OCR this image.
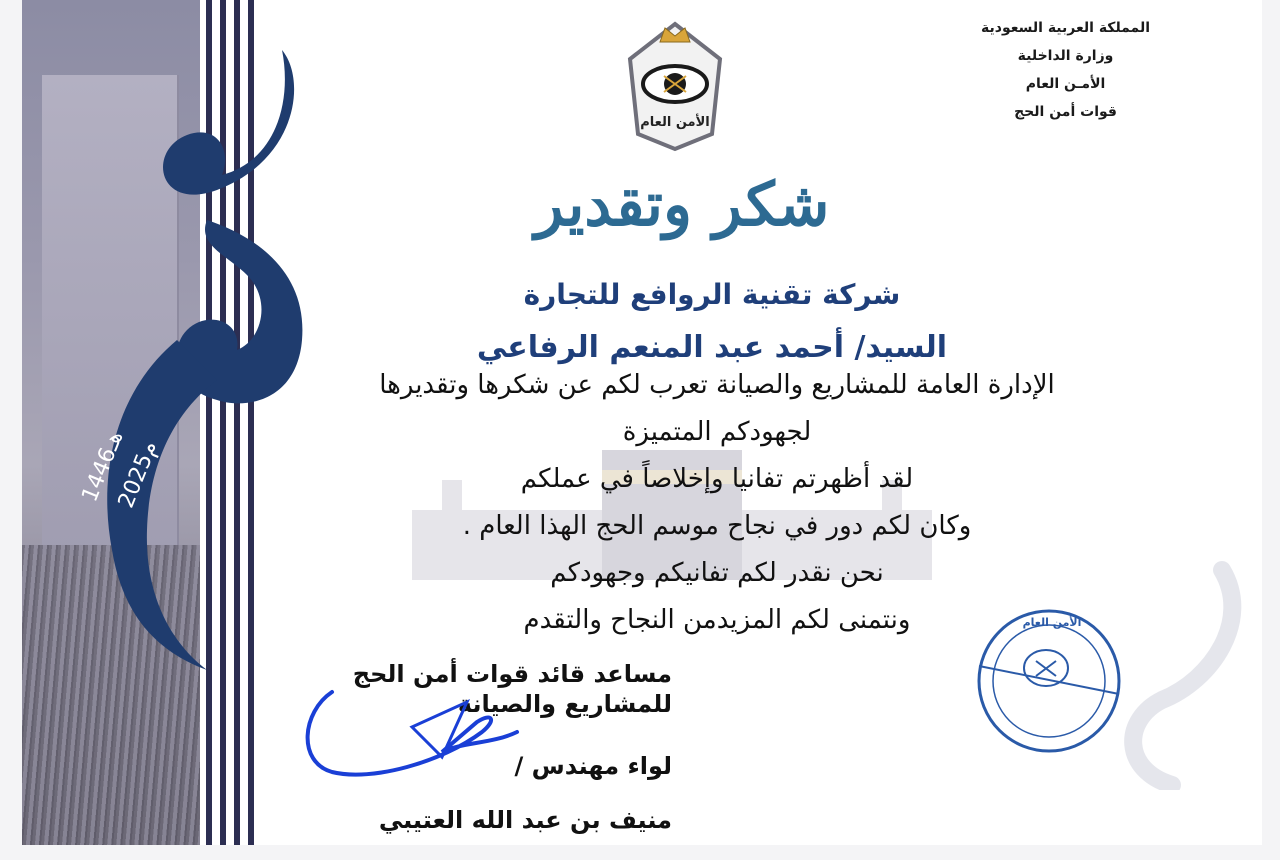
1446هـ
2025م
المملكة العربية السعودية
وزارة الداخلية
الأمـن العام
قوات أمن الحج
الأمن العام
شكر وتقدير
شركة تقنية الروافع للتجارة
السيد/ أحمد عبد المنعم الرفاعي
الإدارة العامة للمشاريع والصيانة تعرب لكم عن شكرها وتقديرها
لجهودكم المتميزة
لقد أظهرتم تفانيا وإخلاصاً في عملكم
وكان لكم دور في نجاح موسم الحج الهذا العام .
نحن نقدر لكم تفانيكم وجهودكم
ونتمنى لكم المزيدمن النجاح والتقدم
مساعد قائد قوات أمن الحج
للمشاريع والصيانة
لواء مهندس /
منيف بن عبد الله العتيبي
الأمن العام
